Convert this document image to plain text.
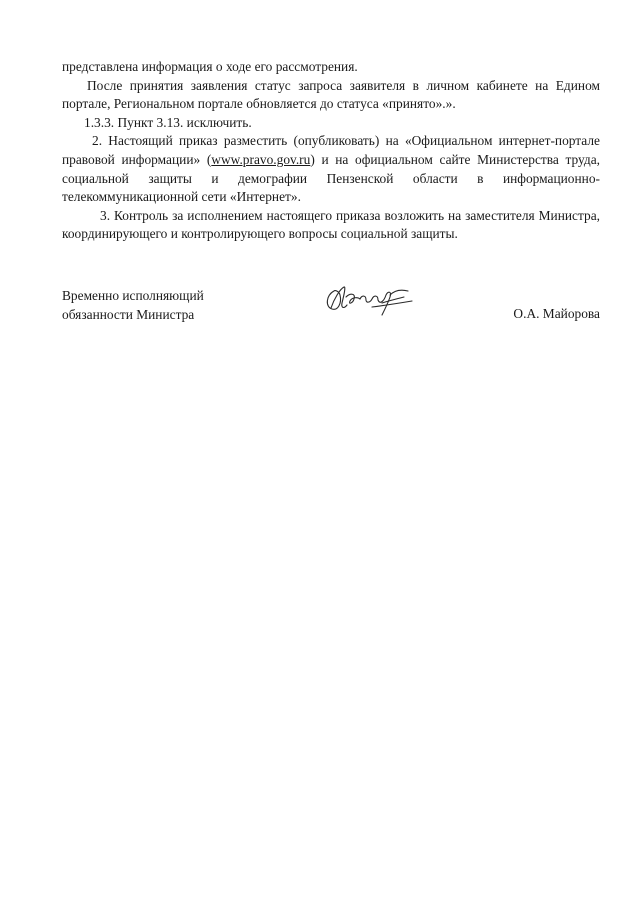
представлена информация о ходе его рассмотрения.

После принятия заявления статус запроса заявителя в личном кабинете на Едином портале, Региональном портале обновляется до статуса «принято».».

1.3.3. Пункт 3.13. исключить.

2. Настоящий приказ разместить (опубликовать) на «Официальном интернет-портале правовой информации» (www.pravo.gov.ru) и на официальном сайте Министерства труда, социальной защиты и демографии Пензенской области в информационно-телекоммуникационной сети «Интернет».

3. Контроль за исполнением настоящего приказа возложить на заместителя Министра, координирующего и контролирующего вопросы социальной защиты.

Временно исполняющий
обязанности Министра	О.А. Майорова
